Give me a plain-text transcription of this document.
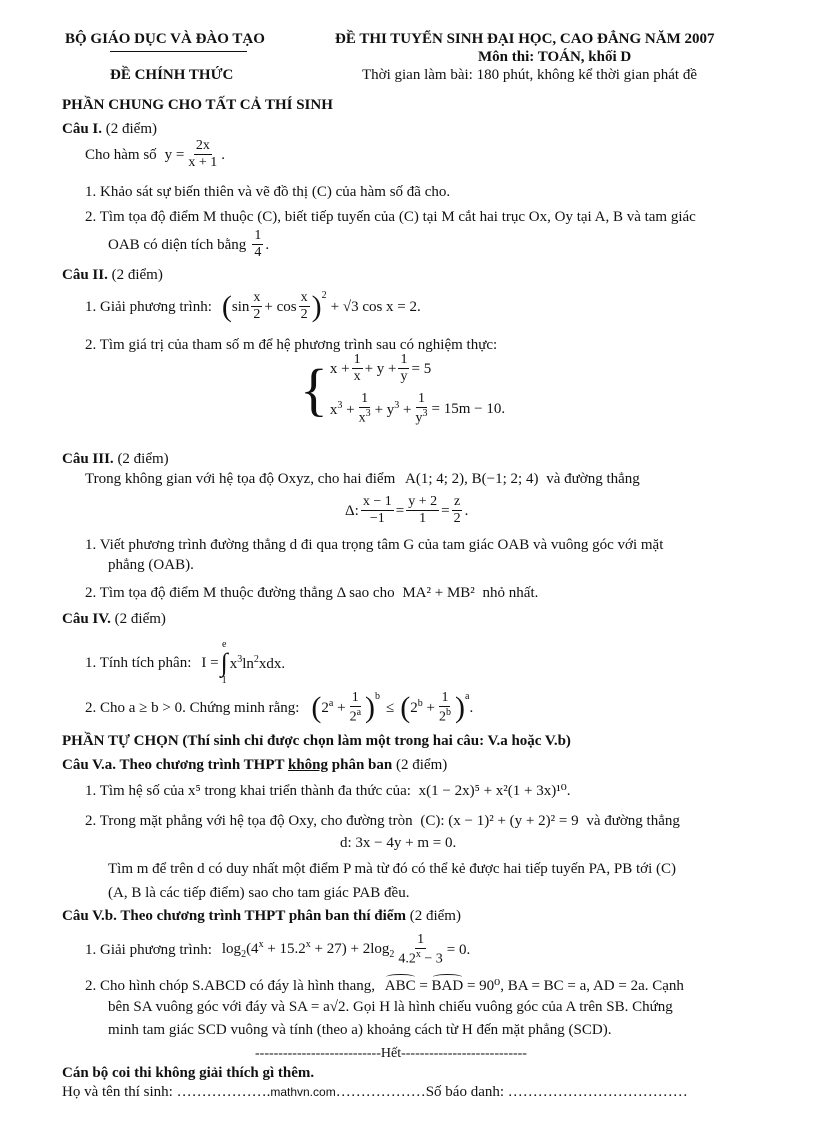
BỘ GIÁO DỤC VÀ ĐÀO TẠO
ĐỀ CHÍNH THỨC
ĐỀ THI TUYỂN SINH ĐẠI HỌC, CAO ĐẲNG NĂM 2007
Môn thi: TOÁN, khối D
Thời gian làm bài: 180 phút, không kể thời gian phát đề
PHẦN CHUNG CHO TẤT CẢ THÍ SINH
Câu I. (2 điểm)
Cho hàm số $y = \frac{2x}{x + 1}$ .
1. Khảo sát sự biến thiên và vẽ đồ thị (C) của hàm số đã cho.
2. Tìm tọa độ điểm M thuộc (C), biết tiếp tuyến của (C) tại M cắt hai trục Ox, Oy tại A, B và tam giác
OAB có diện tích bằng $\frac{1}{4}$ .
Câu II. (2 điểm)
1. Giải phương trình: ( $\sin \frac{x}{2} + \cos \frac{x}{2}$ ) 2
+ √3 cos x = 2.
2. Tìm giá trị của tham số m để hệ phương trình sau có nghiệm thực:
{ $x + \frac{1}{x} + y + \frac{1}{y} = 5$
$x^3 + \frac{1}{x^3} + y^3 + \frac{1}{y^3} = 15m - 10$.
Câu III. (2 điểm)
Trong không gian với hệ tọa độ Oxyz, cho hai điểm A(1; 4; 2), B(−1; 2; 4) và đường thẳng
Δ: $\frac{x - 1}{-1} = \frac{y + 2}{1} = \frac{z}{2}$ .
1. Viết phương trình đường thẳng d đi qua trọng tâm G của tam giác OAB và vuông góc với mặt
phẳng (OAB).
2. Tìm tọa độ điểm M thuộc đường thẳng Δ sao cho MA² + MB² nhỏ nhất.
Câu IV. (2 điểm)
1. Tính tích phân: I =
e
∫
1
$x^3\ln^2xdx$.
2. Cho a ≥ b > 0. Chứng minh rằng: ( $2^a + \frac{1}{2^a}$ ) b
≤ ( $2^b + \frac{1}{2^b}$ ) a
.
PHẦN TỰ CHỌN (Thí sinh chỉ được chọn làm một trong hai câu: V.a hoặc V.b)
Câu V.a. Theo chương trình THPT không phân ban (2 điểm)
1. Tìm hệ số của x⁵ trong khai triển thành đa thức của: x(1 − 2x)⁵ + x²(1 + 3x)¹⁰.
2. Trong mặt phẳng với hệ tọa độ Oxy, cho đường tròn (C): (x − 1)² + (y + 2)² = 9 và đường thẳng
d: 3x − 4y + m = 0.
Tìm m để trên d có duy nhất một điểm P mà từ đó có thể kẻ được hai tiếp tuyến PA, PB tới (C)
(A, B là các tiếp điểm) sao cho tam giác PAB đều.
Câu V.b. Theo chương trình THPT phân ban thí điểm (2 điểm)
1. Giải phương trình: $\log_2(4^x + 15.2^x + 27) + 2\log_2 \frac{1}{4.2^x - 3} = 0$.
2. Cho hình chóp S.ABCD có đáy là hình thang, ABC = BAD = 90⁰, BA = BC = a, AD = 2a. Cạnh
bên SA vuông góc với đáy và SA = a√2. Gọi H là hình chiếu vuông góc của A trên SB. Chứng
minh tam giác SCD vuông và tính (theo a) khoảng cách từ H đến mặt phẳng (SCD).
---------------------------Hết---------------------------
Cán bộ coi thi không giải thích gì thêm.
Họ và tên thí sinh: ……………….mathvn.com………………Số báo danh: ………………………………
